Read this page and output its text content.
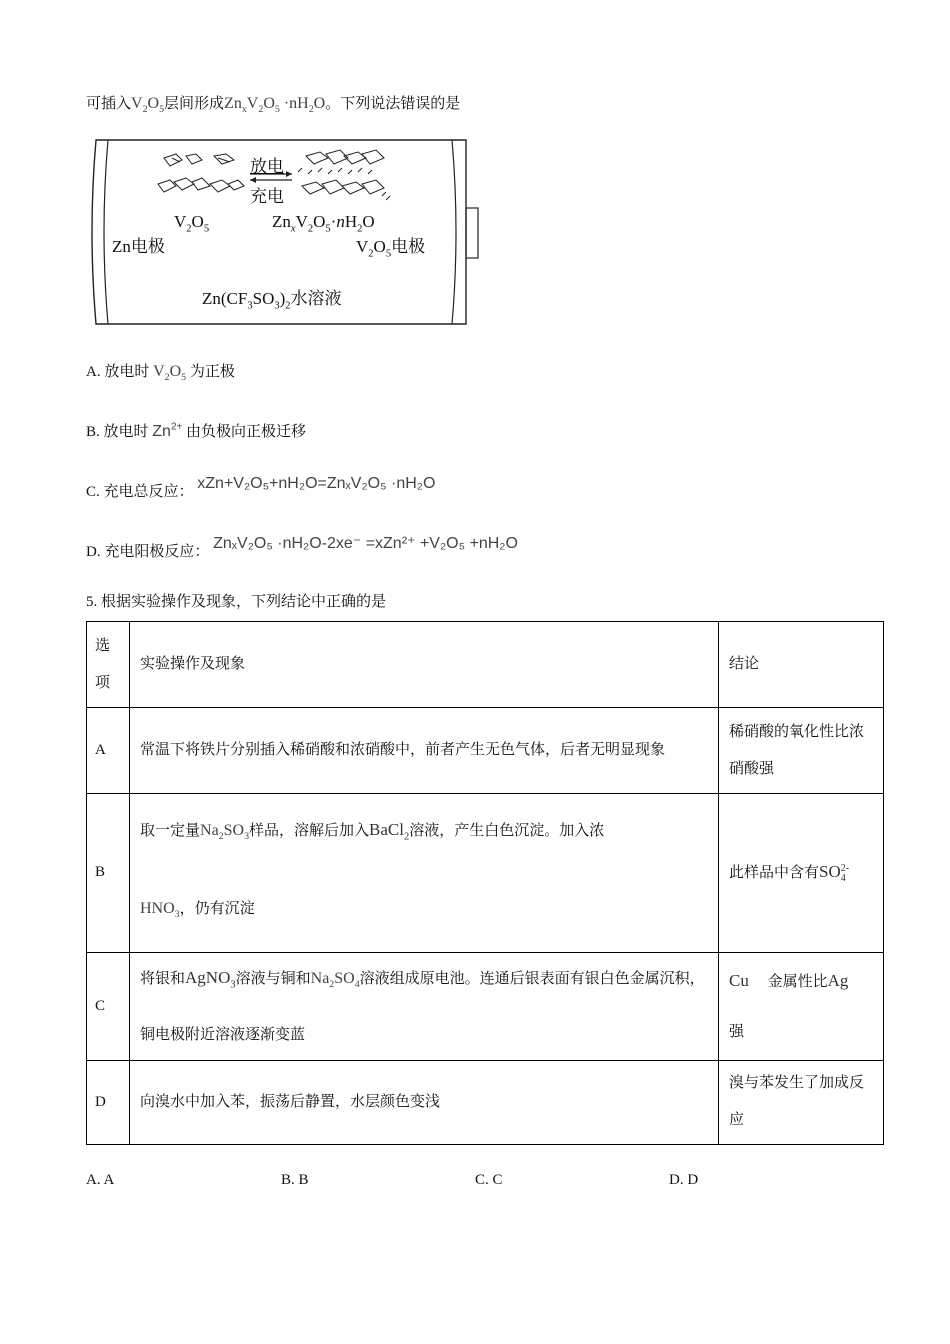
可插入$V_2O_5$层间形成$Zn_xV_2O_5 \cdot nH_2O$。下列说法错误的是
放电
充电
$V_2O_5$	$Zn_xV_2O_5\cdot nH_2O$
Zn电极	$V_2O_5$电极
$Zn(CF_3SO_3)_2$水溶液
A. 放电时 $V_2O_5$ 为正极
B. 放电时 $Zn^{2+}$ 由负极向正极迁移
C. 充电总反应： xZn+V₂O₅+nH₂O=ZnₓV₂O₅ ·nH₂O
D. 充电阳极反应： ZnₓV₂O₅ ·nH₂O-2xe⁻ =xZn²⁺ +V₂O₅ +nH₂O
5. 根据实验操作及现象，下列结论中正确的是
选
项	实验操作及现象	结论
A	常温下将铁片分别插入稀硝酸和浓硝酸中，前者产生无色气体，后者无明显现象	稀硝酸的氧化性比浓硝酸强
B	取一定量$Na_2SO_3$样品，溶解后加入BaCl$_2$溶液，产生白色沉淀。加入浓
$HNO_3$，仍有沉淀	此样品中含有SO2-
4
C	将银和AgNO$_3$溶液与铜和$Na_2SO_4$溶液组成原电池。连通后银表面有银白色金属沉积，铜电极附近溶液逐渐变蓝	Cu 金属性比Ag
强
D	向溴水中加入苯，振荡后静置，水层颜色变浅	溴与苯发生了加成反应
A. A	B. B	C. C	D. D
